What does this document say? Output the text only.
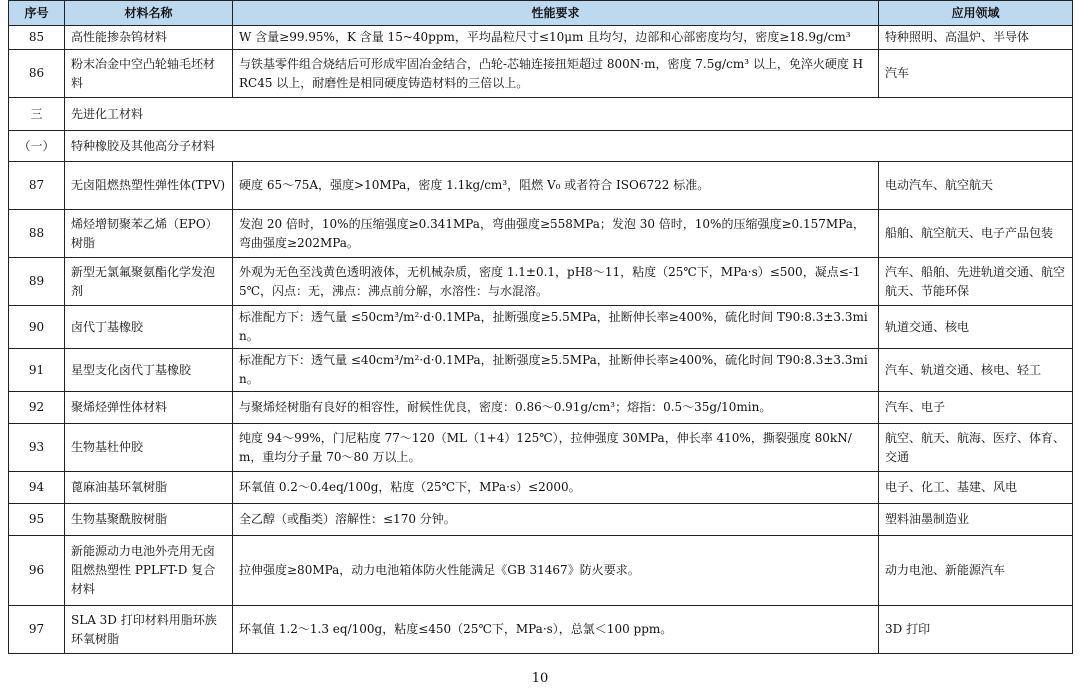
序号	材料名称	性能要求	应用领域
85	高性能掺杂钨材料	W 含量≥99.95%，K 含量 15~40ppm，平均晶粒尺寸≤10μm 且均匀，边部和心部密度均匀，密度≥18.9g/cm³	特种照明、高温炉、半导体
86	粉末冶金中空凸轮轴毛坯材料	与铁基零件组合烧结后可形成牢固冶金结合，凸轮-芯轴连接扭矩超过 800N·m，密度 7.5g/cm³ 以上，免淬火硬度 HRC45 以上，耐磨性是相同硬度铸造材料的三倍以上。	汽车
三	先进化工材料		
（一）	特种橡胶及其他高分子材料		
87	无卤阻燃热塑性弹性体(TPV)	硬度 65～75A，强度>10MPa，密度 1.1kg/cm³，阻燃 V₀ 或者符合 ISO6722 标准。	电动汽车、航空航天
88	烯烃增韧聚苯乙烯（EPO）树脂	发泡 20 倍时，10%的压缩强度≥0.341MPa，弯曲强度≥558MPa；发泡 30 倍时，10%的压缩强度≥0.157MPa，弯曲强度≥202MPa。	船舶、航空航天、电子产品包装
89	新型无氯氟聚氨酯化学发泡剂	外观为无色至浅黄色透明液体，无机械杂质，密度 1.1±0.1，pH8～11，粘度（25℃下，MPa·s）≤500，凝点≤-15℃，闪点：无，沸点：沸点前分解，水溶性：与水混溶。	汽车、船舶、先进轨道交通、航空航天、节能环保
90	卤代丁基橡胶	标准配方下：透气量 ≤50cm³/m²·d·0.1MPa，扯断强度≥5.5MPa，扯断伸长率≥400%，硫化时间 T90:8.3±3.3min。	轨道交通、核电
91	星型支化卤代丁基橡胶	标准配方下：透气量 ≤40cm³/m²·d·0.1MPa，扯断强度≥5.5MPa，扯断伸长率≥400%，硫化时间 T90:8.3±3.3min。	汽车、轨道交通、核电、轻工
92	聚烯烃弹性体材料	与聚烯烃树脂有良好的相容性，耐候性优良，密度：0.86～0.91g/cm³；熔指：0.5～35g/10min。	汽车、电子
93	生物基杜仲胶	纯度 94～99%，门尼粘度 77～120（ML（1+4）125℃），拉伸强度 30MPa，伸长率 410%，撕裂强度 80kN/m，重均分子量 70～80 万以上。	航空、航天、航海、医疗、体育、交通
94	蓖麻油基环氧树脂	环氧值 0.2～0.4eq/100g，粘度（25℃下，MPa·s）≤2000。	电子、化工、基建、风电
95	生物基聚酰胺树脂	全乙醇（或酯类）溶解性：≤170 分钟。	塑料油墨制造业
96	新能源动力电池外壳用无卤阻燃热塑性 PPLFT-D 复合材料	拉伸强度≥80MPa，动力电池箱体防火性能满足《GB 31467》防火要求。	动力电池、新能源汽车
97	SLA 3D 打印材料用脂环族环氧树脂	环氧值 1.2～1.3 eq/100g，粘度≤450（25℃下，MPa·s），总氯＜100 ppm。	3D 打印
10
